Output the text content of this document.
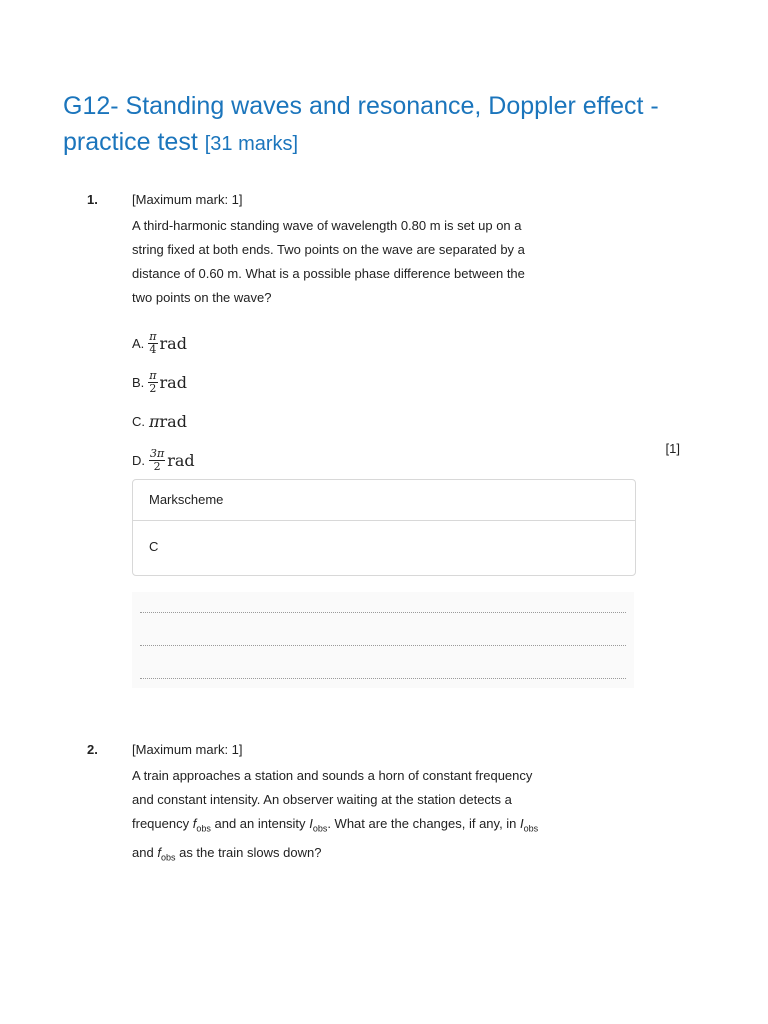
G12- Standing waves and resonance, Doppler effect - practice test [31 marks]
1.	[Maximum mark: 1]
A third-harmonic standing wave of wavelength 0.80 m is set up on a
string fixed at both ends. Two points on the wave are separated by a
distance of 0.60 m. What is a possible phase difference between the
two points on the wave?
A. $\frac{\pi}{4}$ rad
B. $\frac{\pi}{2}$ rad
C. π rad
D. $\frac{3\pi}{2}$ rad
[1]
Markscheme
C
2.	[Maximum mark: 1]
A train approaches a station and sounds a horn of constant frequency
and constant intensity. An observer waiting at the station detects a
frequency $f_{obs}$ and an intensity $I_{obs}$. What are the changes, if any, in $I_{obs}$
and $f_{obs}$ as the train slows down?
